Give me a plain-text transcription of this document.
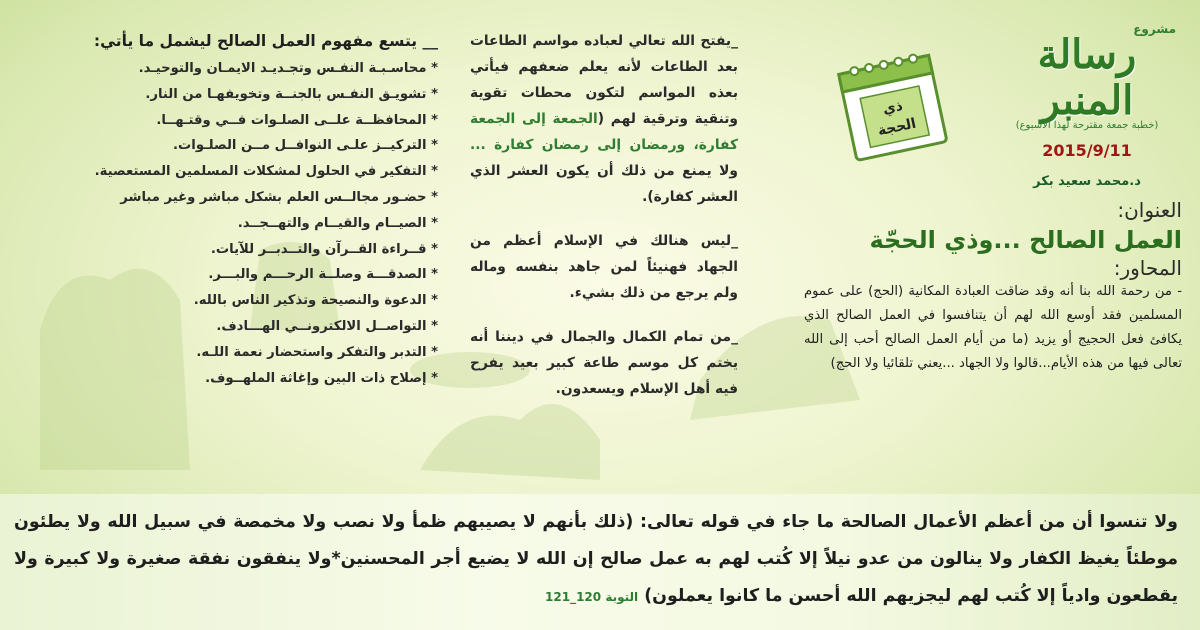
مشروع
رسالة المنبر
(خطبة جمعة مقترحة لهذا الأسبوع)
2015/9/11
د.محمد سعيد بكر
ذي
الحجة
العنوان:
العمل الصالح ...وذي الحجّة
المحاور:

- من رحمة الله بنا أنه وقد ضاقت العبادة المكانية (الحج) على عموم المسلمين فقد أوسع الله لهم أن يتنافسوا في العمل الصالح الذي يكافئ فعل الحجيج أو يزيد (ما من أيام العمل الصالح أحب إلى الله تعالى فيها من هذه الأيام...قالوا ولا الجهاد ...يعني تلقائيا ولا الحج)

_يفتح الله تعالي لعباده مواسم الطاعات بعد الطاعات لأنه يعلم ضعفهم فيأتي بعذه المواسم لتكون محطات تقوية وتنقية وترقية لهم (الجمعة إلى الجمعة كفارة، ورمضان إلى رمضان كفارة ... ولا يمنع من ذلك أن يكون العشر الذي العشر كفارة).

_ليس هنالك في الإسلام أعظم من الجهاد فهنيئاً لمن جاهد بنفسه وماله ولم يرجع من ذلك بشيء.

_من تمام الكمال والجمال في ديننا أنه يختم كل موسم طاعة كبير بعيد يفرح فيه أهل الإسلام ويسعدون.

__ يتسع مفهوم العمل الصالح ليشمل ما يأتي:
* محاسـبـة النفـس وتجـديـد الايمـان والتوحيـد.
* تشويـق النفـس بالجنــة وتخويفهـا من النار.
* المحافظــة علــى الصلـوات فــي وقتـهــا.
* التركيــز علـى النوافــل مــن الصلـوات.
* التفكير في الحلول لمشكلات المسلمين المستعصية.
* حضـور مجالــس العلم بشكل مباشر وغير مباشر
* الصيــام والقيــام والتهــجــد.
* قــراءة القــرآن والتــدبــر للآيات.
* الصدقـــة وصلــة الرحـــم والبـــر.
* الدعوة والنصيحة وتذكير الناس بالله.
* التواصــل الالكترونــي الهـــادف.
* التدبر والتفكر واستحضار نعمة اللـه.
* إصلاح ذات البين وإغاثة الملهــوف.
ولا تنسوا أن من أعظم الأعمال الصالحة ما جاء في قوله تعالى: (ذلك بأنهم لا يصيبهم ظمأ ولا نصب ولا مخمصة في سبيل الله ولا يطئون موطئاً يغيظ الكفار ولا ينالون من عدو نيلاً إلا كُتب لهم به عمل صالح إن الله لا يضيع أجر المحسنين*ولا ينفقون نفقة صغيرة ولا كبيرة ولا يقطعون وادياً إلا كُتب لهم ليجزيهم الله أحسن ما كانوا يعملون) التوبة 120_121
